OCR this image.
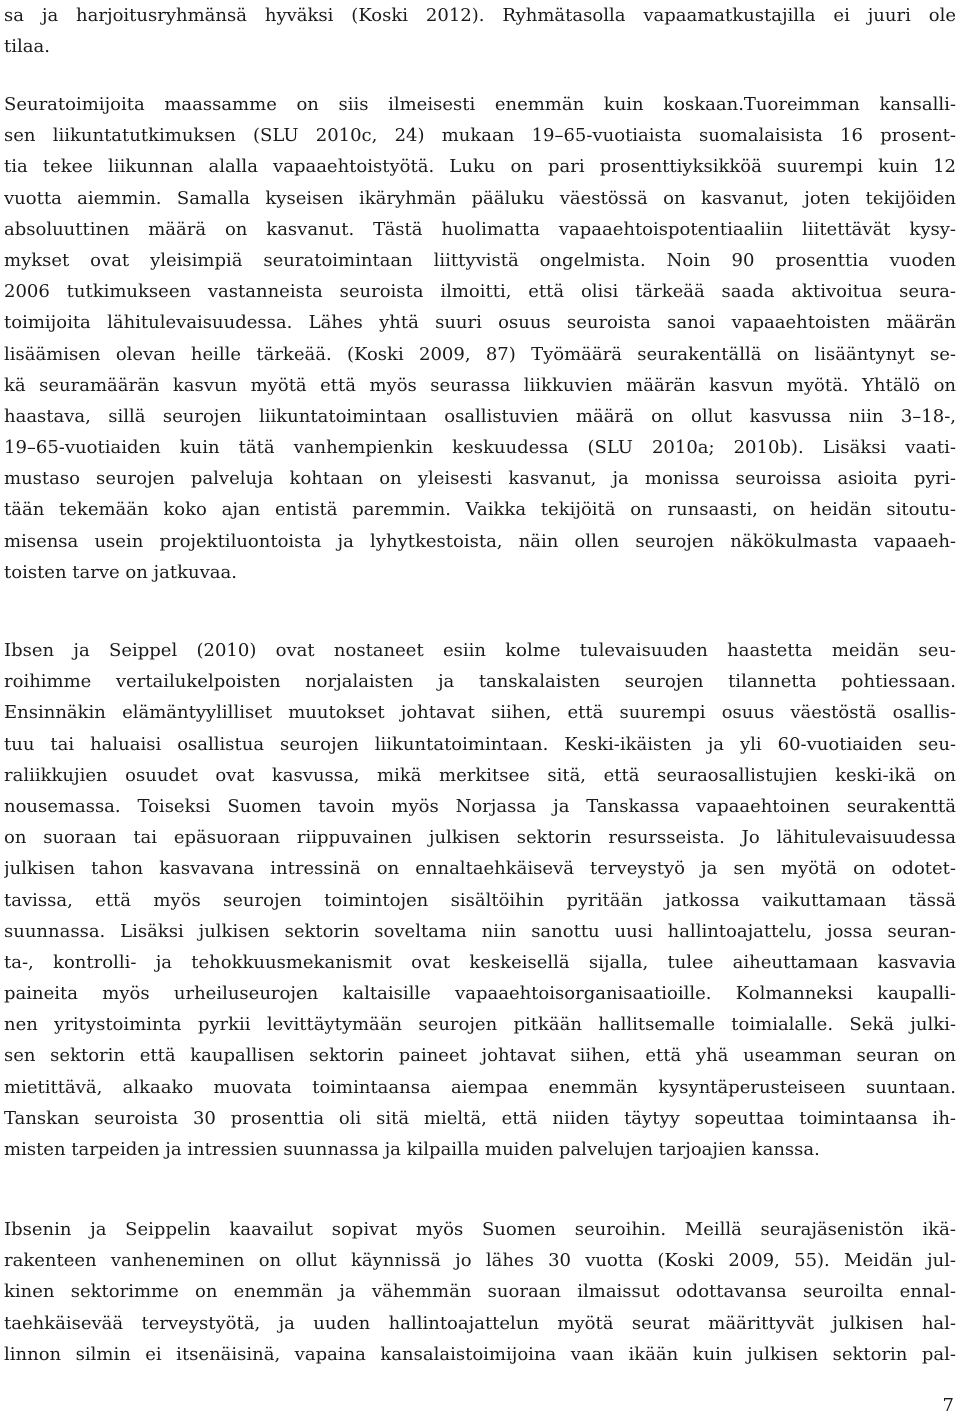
sa ja harjoitusryhmänsä hyväksi (Koski 2012). Ryhmätasolla vapaamatkustajilla ei juuri ole
tilaa.
Seuratoimijoita maassamme on siis ilmeisesti enemmän kuin koskaan.Tuoreimman kansalli-
sen liikuntatutkimuksen (SLU 2010c, 24) mukaan 19–65-vuotiaista suomalaisista 16 prosent-
tia tekee liikunnan alalla vapaaehtoistyötä. Luku on pari prosenttiyksikköä suurempi kuin 12
vuotta aiemmin. Samalla kyseisen ikäryhmän pääluku väestössä on kasvanut, joten tekijöiden
absoluuttinen määrä on kasvanut. Tästä huolimatta vapaaehtoispotentiaaliin liitettävät kysy-
mykset ovat yleisimpiä seuratoimintaan liittyvistä ongelmista. Noin 90 prosenttia vuoden
2006 tutkimukseen vastanneista seuroista ilmoitti, että olisi tärkeää saada aktivoitua seura-
toimijoita lähitulevaisuudessa. Lähes yhtä suuri osuus seuroista sanoi vapaaehtoisten määrän
lisäämisen olevan heille tärkeää. (Koski 2009, 87) Työmäärä seurakentällä on lisääntynyt se-
kä seuramäärän kasvun myötä että myös seurassa liikkuvien määrän kasvun myötä. Yhtälö on
haastava, sillä seurojen liikuntatoimintaan osallistuvien määrä on ollut kasvussa niin 3–18-,
19–65-vuotiaiden kuin tätä vanhempienkin keskuudessa (SLU 2010a; 2010b). Lisäksi vaati-
mustaso seurojen palveluja kohtaan on yleisesti kasvanut, ja monissa seuroissa asioita pyri-
tään tekemään koko ajan entistä paremmin. Vaikka tekijöitä on runsaasti, on heidän sitoutu-
misensa usein projektiluontoista ja lyhytkestoista, näin ollen seurojen näkökulmasta vapaaeh-
toisten tarve on jatkuvaa.
Ibsen ja Seippel (2010) ovat nostaneet esiin kolme tulevaisuuden haastetta meidän seu-
roihimme vertailukelpoisten norjalaisten ja tanskalaisten seurojen tilannetta pohtiessaan.
Ensinnäkin elämäntyylilliset muutokset johtavat siihen, että suurempi osuus väestöstä osallis-
tuu tai haluaisi osallistua seurojen liikuntatoimintaan. Keski-ikäisten ja yli 60-vuotiaiden seu-
raliikkujien osuudet ovat kasvussa, mikä merkitsee sitä, että seuraosallistujien keski-ikä on
nousemassa. Toiseksi Suomen tavoin myös Norjassa ja Tanskassa vapaaehtoinen seurakenttä
on suoraan tai epäsuoraan riippuvainen julkisen sektorin resursseista. Jo lähitulevaisuudessa
julkisen tahon kasvavana intressinä on ennaltaehkäisevä terveystyö ja sen myötä on odotet-
tavissa, että myös seurojen toimintojen sisältöihin pyritään jatkossa vaikuttamaan tässä
suunnassa. Lisäksi julkisen sektorin soveltama niin sanottu uusi hallintoajattelu, jossa seuran-
ta-, kontrolli- ja tehokkuusmekanismit ovat keskeisellä sijalla, tulee aiheuttamaan kasvavia
paineita myös urheiluseurojen kaltaisille vapaaehtoisorganisaatioille. Kolmanneksi kaupalli-
nen yritystoiminta pyrkii levittäytymään seurojen pitkään hallitsemalle toimialalle. Sekä julki-
sen sektorin että kaupallisen sektorin paineet johtavat siihen, että yhä useamman seuran on
mietittävä, alkaako muovata toimintaansa aiempaa enemmän kysyntäperusteiseen suuntaan.
Tanskan seuroista 30 prosenttia oli sitä mieltä, että niiden täytyy sopeuttaa toimintaansa ih-
misten tarpeiden ja intressien suunnassa ja kilpailla muiden palvelujen tarjoajien kanssa.
Ibsenin ja Seippelin kaavailut sopivat myös Suomen seuroihin. Meillä seurajäsenistön ikä-
rakenteen vanheneminen on ollut käynnissä jo lähes 30 vuotta (Koski 2009, 55). Meidän jul-
kinen sektorimme on enemmän ja vähemmän suoraan ilmaissut odottavansa seuroilta ennal-
taehkäisevää terveystyötä, ja uuden hallintoajattelun myötä seurat määrittyvät julkisen hal-
linnon silmin ei itsenäisinä, vapaina kansalaistoimijoina vaan ikään kuin julkisen sektorin pal-
7
